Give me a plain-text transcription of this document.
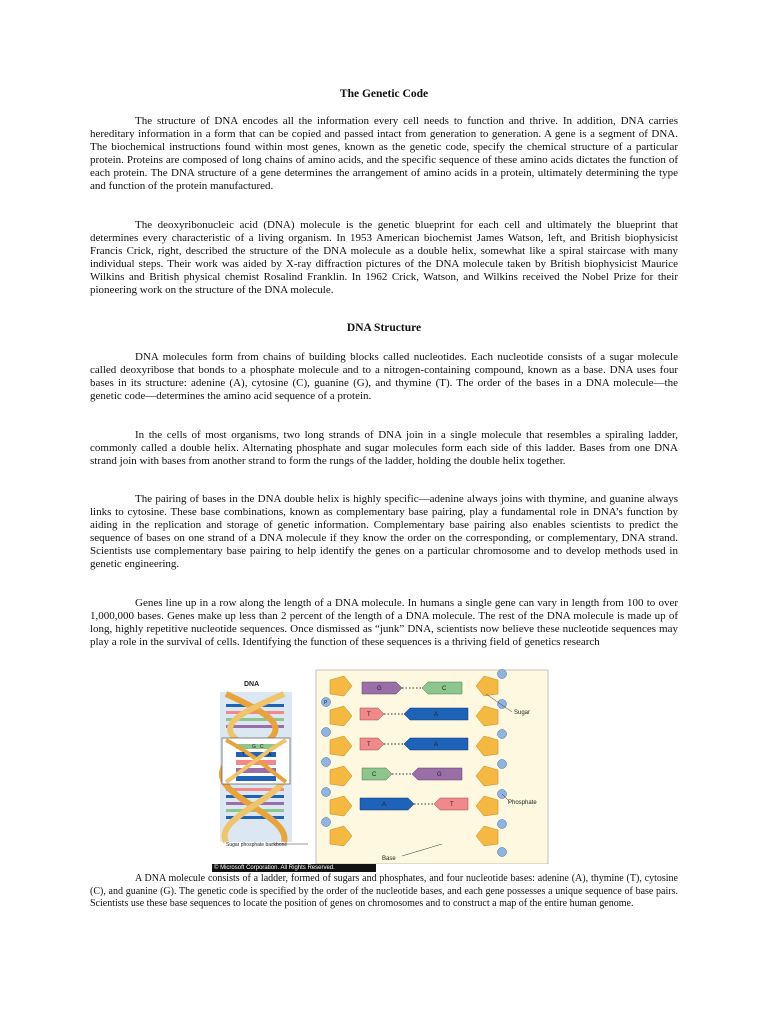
The Genetic Code

The structure of DNA encodes all the information every cell needs to function and thrive. In addition, DNA carries hereditary information in a form that can be copied and passed intact from generation to generation. A gene is a segment of DNA. The biochemical instructions found within most genes, known as the genetic code, specify the chemical structure of a particular protein. Proteins are composed of long chains of amino acids, and the specific sequence of these amino acids dictates the function of each protein. The DNA structure of a gene determines the arrangement of amino acids in a protein, ultimately determining the type and function of the protein manufactured.

The deoxyribonucleic acid (DNA) molecule is the genetic blueprint for each cell and ultimately the blueprint that determines every characteristic of a living organism. In 1953 American biochemist James Watson, left, and British biophysicist Francis Crick, right, described the structure of the DNA molecule as a double helix, somewhat like a spiral staircase with many individual steps. Their work was aided by X-ray diffraction pictures of the DNA molecule taken by British biophysicist Maurice Wilkins and British physical chemist Rosalind Franklin. In 1962 Crick, Watson, and Wilkins received the Nobel Prize for their pioneering work on the structure of the DNA molecule.

DNA Structure

DNA molecules form from chains of building blocks called nucleotides. Each nucleotide consists of a sugar molecule called deoxyribose that bonds to a phosphate molecule and to a nitrogen-containing compound, known as a base. DNA uses four bases in its structure: adenine (A), cytosine (C), guanine (G), and thymine (T). The order of the bases in a DNA molecule—the genetic code—determines the amino acid sequence of a protein.

In the cells of most organisms, two long strands of DNA join in a single molecule that resembles a spiraling ladder, commonly called a double helix. Alternating phosphate and sugar molecules form each side of this ladder. Bases from one DNA strand join with bases from another strand to form the rungs of the ladder, holding the double helix together.

The pairing of bases in the DNA double helix is highly specific—adenine always joins with thymine, and guanine always links to cytosine. These base combinations, known as complementary base pairing, play a fundamental role in DNA’s function by aiding in the replication and storage of genetic information. Complementary base pairing also enables scientists to predict the sequence of bases on one strand of a DNA molecule if they know the order on the corresponding, or complementary, DNA strand. Scientists use complementary base pairing to help identify the genes on a particular chromosome and to develop methods used in genetic engineering.

Genes line up in a row along the length of a DNA molecule. In humans a single gene can vary in length from 100 to over 1,000,000 bases. Genes make up less than 2 percent of the length of a DNA molecule. The rest of the DNA molecule is made up of long, highly repetitive nucleotide sequences. Once dismissed as “junk” DNA, scientists now believe these nucleotide sequences may play a role in the survival of cells. Identifying the function of these sequences is a thriving field of genetics research

DNA
G C
T	A
Sugar phosphate backbone
G	C
T	A
T	A
C	G
A	T
P
Sugar
Phosphate
Base
© Microsoft Corporation. All Rights Reserved.

A DNA molecule consists of a ladder, formed of sugars and phosphates, and four nucleotide bases: adenine (A), thymine (T), cytosine (C), and guanine (G). The genetic code is specified by the order of the nucleotide bases, and each gene possesses a unique sequence of base pairs. Scientists use these base sequences to locate the position of genes on chromosomes and to construct a map of the entire human genome.
